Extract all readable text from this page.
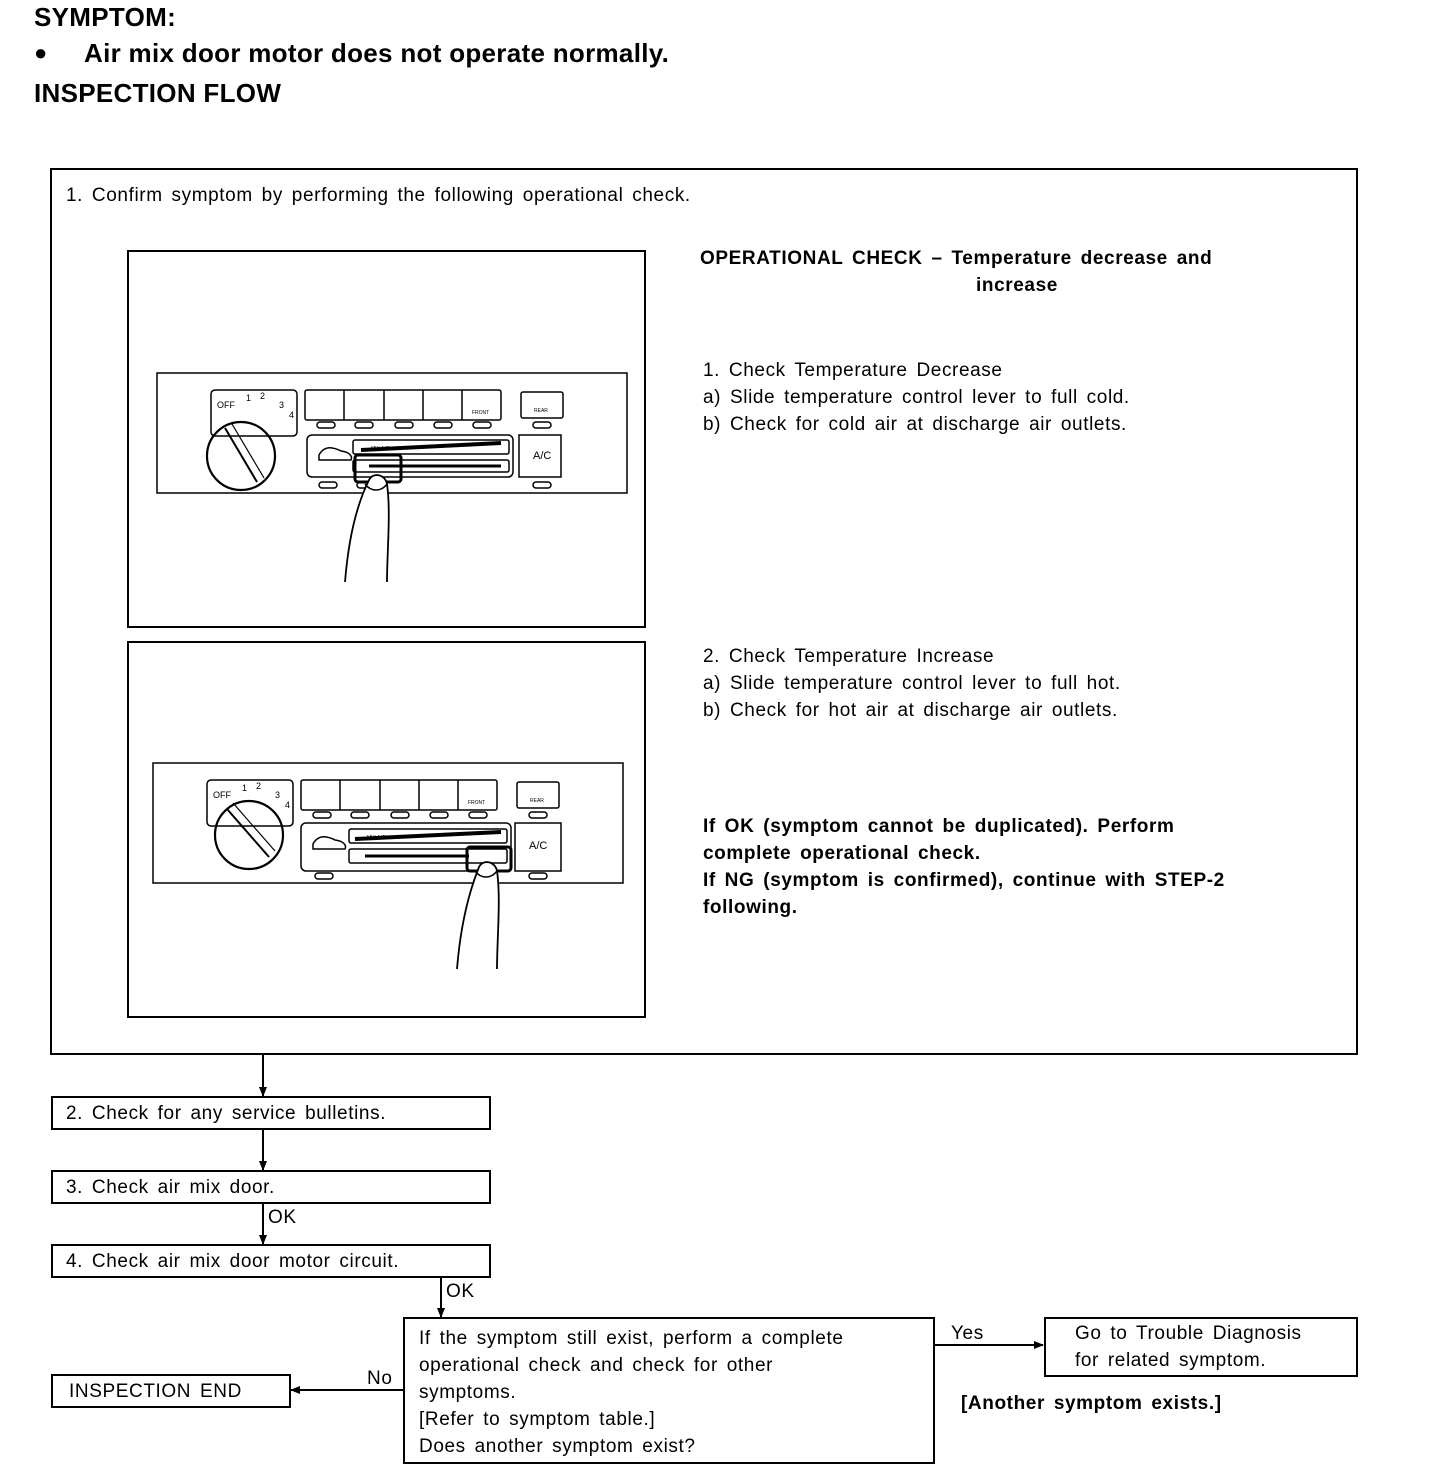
SYMPTOM:
● Air mix door motor does not operate normally.
INSPECTION FLOW
1. Confirm symptom by performing the following operational check.
OFF
1 2
3
4
A/C
MIX A/C
FRONT	REAR
OFF
1 2
3
4
A/C
MIX A/C
FRONT	REAR
OPERATIONAL CHECK – Temperature decrease and
increase
1. Check Temperature Decrease
a) Slide temperature control lever to full cold.
b) Check for cold air at discharge air outlets.
2. Check Temperature Increase
a) Slide temperature control lever to full hot.
b) Check for hot air at discharge air outlets.
If OK (symptom cannot be duplicated). Perform
complete operational check.
If NG (symptom is confirmed), continue with STEP-2
following.
2. Check for any service bulletins.
3. Check air mix door.
OK
4. Check air mix door motor circuit.
OK
If the symptom still exist, perform a complete
operational check and check for other
symptoms.
[Refer to symptom table.]
Does another symptom exist?
No
Yes
INSPECTION END
Go to Trouble Diagnosis
for related symptom.
[Another symptom exists.]
